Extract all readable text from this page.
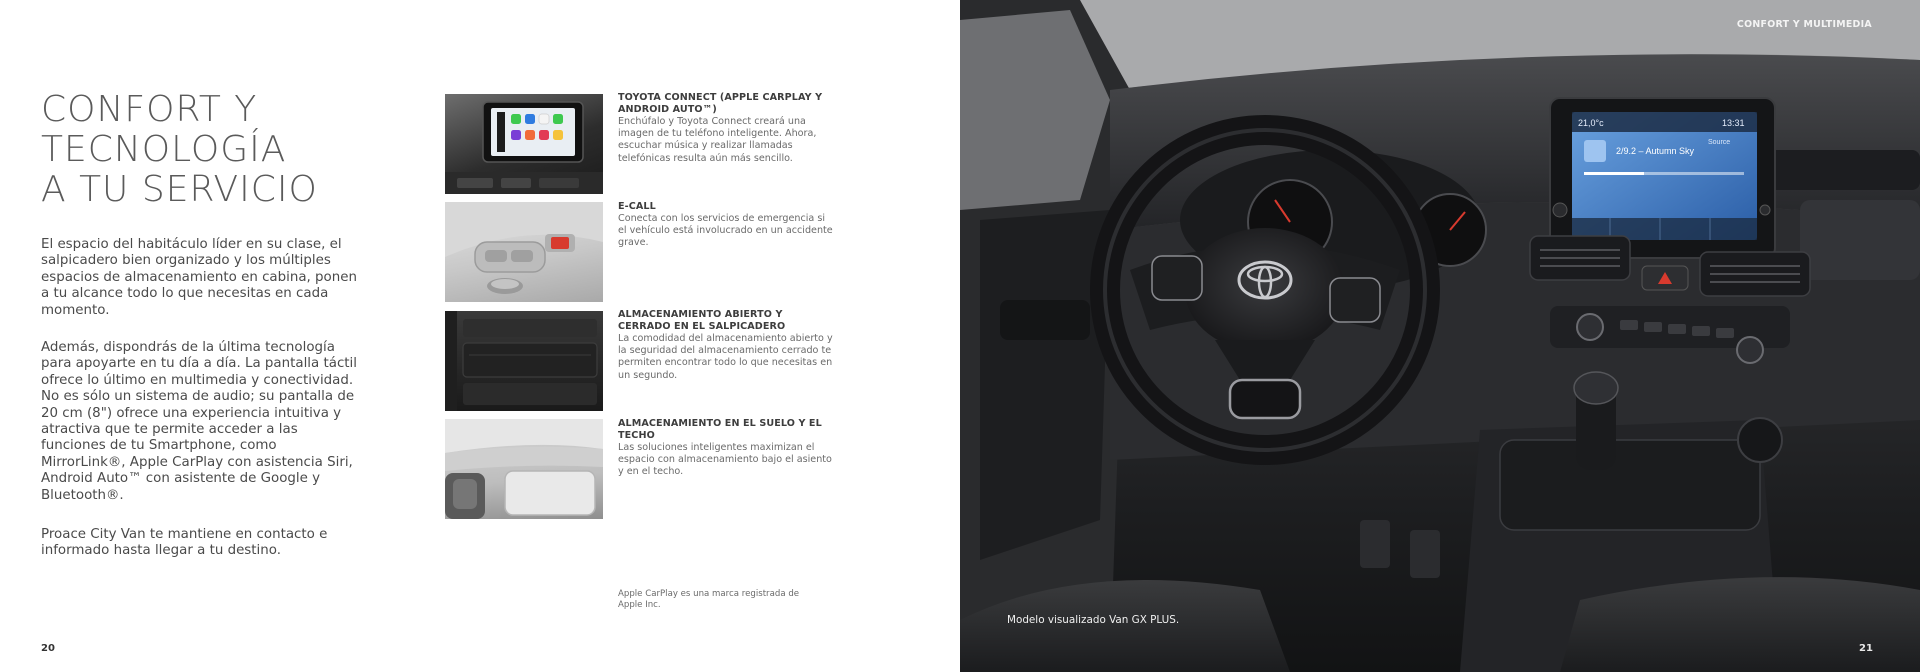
CONFORT Y
TECNOLOGÍA
A TU SERVICIO

El espacio del habitáculo líder en su clase, el salpicadero bien organizado y los múltiples espacios de almacenamiento en cabina, ponen a tu alcance todo lo que necesitas en cada momento.

Además, dispondrás de la última tecnología para apoyarte en tu día a día. La pantalla táctil ofrece lo último en multimedia y conectividad. No es sólo un sistema de audio; su pantalla de 20 cm (8") ofrece una experiencia intuitiva y atractiva que te permite acceder a las funciones de tu Smartphone, como MirrorLink®, Apple CarPlay con asistencia Siri, Android Auto™ con asistente de Google y Bluetooth®.

Proace City Van te mantiene en contacto e informado hasta llegar a tu destino.

TOYOTA CONNECT (APPLE CARPLAY Y ANDROID AUTO™)
Enchúfalo y Toyota Connect creará una imagen de tu teléfono inteligente. Ahora, escuchar música y realizar llamadas telefónicas resulta aún más sencillo.
E-CALL
Conecta con los servicios de emergencia si el vehículo está involucrado en un accidente grave.
ALMACENAMIENTO ABIERTO Y CERRADO EN EL SALPICADERO
La comodidad del almacenamiento abierto y la seguridad del almacenamiento cerrado te permiten encontrar todo lo que necesitas en un segundo.
ALMACENAMIENTO EN EL SUELO Y EL TECHO
Las soluciones inteligentes maximizan el espacio con almacenamiento bajo el asiento y en el techo.

Apple CarPlay es una marca registrada de Apple Inc.

20
21,0°c	13:31
2/9.2 – Autumn Sky
Source
CONFORT Y MULTIMEDIA
Modelo visualizado Van GX PLUS.
21
